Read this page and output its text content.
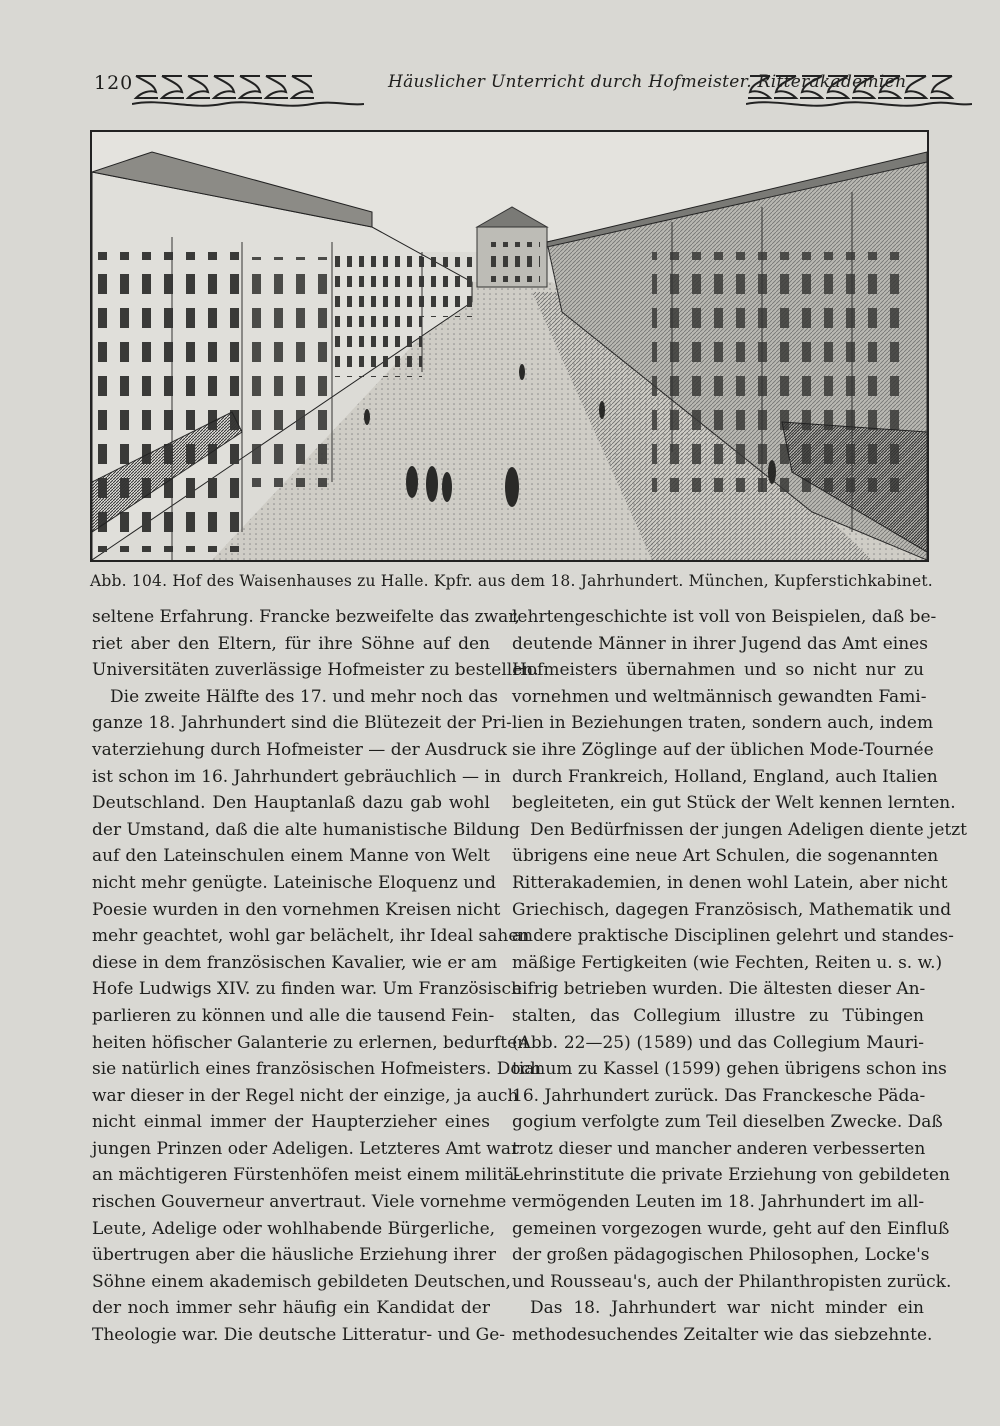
120	Häuslicher Unterricht durch Hofmeister. Ritterakademien
Abb. 104. Hof des Waisenhauses zu Halle. Kpfr. aus dem 18. Jahrhundert. München, Kupferstichkabinet.
seltene Erfahrung. Francke bezweifelte das zwar,
riet aber den Eltern, für ihre Söhne auf den
Universitäten zuverlässige Hofmeister zu bestellen.
Die zweite Hälfte des 17. und mehr noch das
ganze 18. Jahrhundert sind die Blütezeit der Pri-
vaterziehung durch Hofmeister — der Ausdruck
ist schon im 16. Jahrhundert gebräuchlich — in
Deutschland. Den Hauptanlaß dazu gab wohl
der Umstand, daß die alte humanistische Bildung
auf den Lateinschulen einem Manne von Welt
nicht mehr genügte. Lateinische Eloquenz und
Poesie wurden in den vornehmen Kreisen nicht
mehr geachtet, wohl gar belächelt, ihr Ideal sahen
diese in dem französischen Kavalier, wie er am
Hofe Ludwigs XIV. zu finden war. Um Französisch
parlieren zu können und alle die tausend Fein-
heiten höfischer Galanterie zu erlernen, bedurften
sie natürlich eines französischen Hofmeisters. Doch
war dieser in der Regel nicht der einzige, ja auch
nicht einmal immer der Haupterzieher eines
jungen Prinzen oder Adeligen. Letzteres Amt war
an mächtigeren Fürstenhöfen meist einem militä-
rischen Gouverneur anvertraut. Viele vornehme
Leute, Adelige oder wohlhabende Bürgerliche,
übertrugen aber die häusliche Erziehung ihrer
Söhne einem akademisch gebildeten Deutschen,
der noch immer sehr häufig ein Kandidat der
Theologie war. Die deutsche Litteratur- und Ge-
lehrtengeschichte ist voll von Beispielen, daß be-
deutende Männer in ihrer Jugend das Amt eines
Hofmeisters übernahmen und so nicht nur zu
vornehmen und weltmännisch gewandten Fami-
lien in Beziehungen traten, sondern auch, indem
sie ihre Zöglinge auf der üblichen Mode-Tournée
durch Frankreich, Holland, England, auch Italien
begleiteten, ein gut Stück der Welt kennen lernten.
Den Bedürfnissen der jungen Adeligen diente jetzt
übrigens eine neue Art Schulen, die sogenannten
Ritterakademien, in denen wohl Latein, aber nicht
Griechisch, dagegen Französisch, Mathematik und
andere praktische Disciplinen gelehrt und standes-
mäßige Fertigkeiten (wie Fechten, Reiten u. s. w.)
eifrig betrieben wurden. Die ältesten dieser An-
stalten, das Collegium illustre zu Tübingen
(Abb. 22—25) (1589) und das Collegium Mauri-
tianum zu Kassel (1599) gehen übrigens schon ins
16. Jahrhundert zurück. Das Franckesche Päda-
gogium verfolgte zum Teil dieselben Zwecke. Daß
trotz dieser und mancher anderen verbesserten
Lehrinstitute die private Erziehung von gebildeten
vermögenden Leuten im 18. Jahrhundert im all-
gemeinen vorgezogen wurde, geht auf den Einfluß
der großen pädagogischen Philosophen, Locke's
und Rousseau's, auch der Philanthropisten zurück.
Das 18. Jahrhundert war nicht minder ein
methodesuchendes Zeitalter wie das siebzehnte.
